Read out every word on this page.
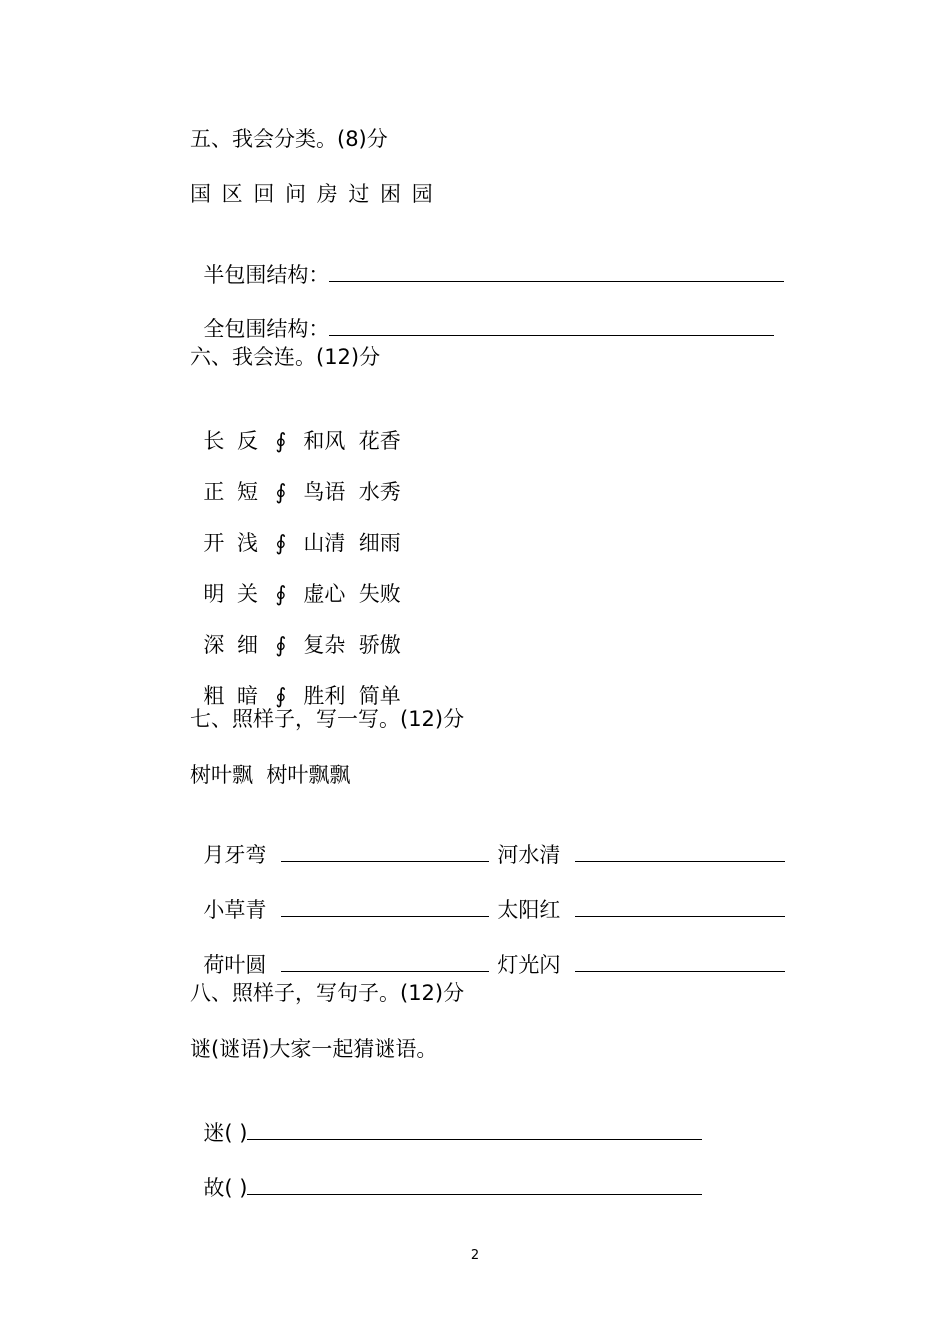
五、我会分类。(8)分
国 区 回 问 房 过 困 园

半包围结构：

全包围结构：

六、我会连。(12)分

长 反 ∮ 和风  花香

正 短 ∮ 鸟语  水秀

开 浅 ∮ 山清  细雨

明 关 ∮ 虚心  失败

深 细 ∮ 复杂  骄傲

粗 暗 ∮ 胜利  简单

七、照样子，写一写。(12)分
树叶飘  树叶飘飘

月牙弯	河水清

小草青	太阳红

荷叶圆	灯光闪

八、照样子，写句子。(12)分
谜(谜语)大家一起猜谜语。

迷( )

故( )

2
